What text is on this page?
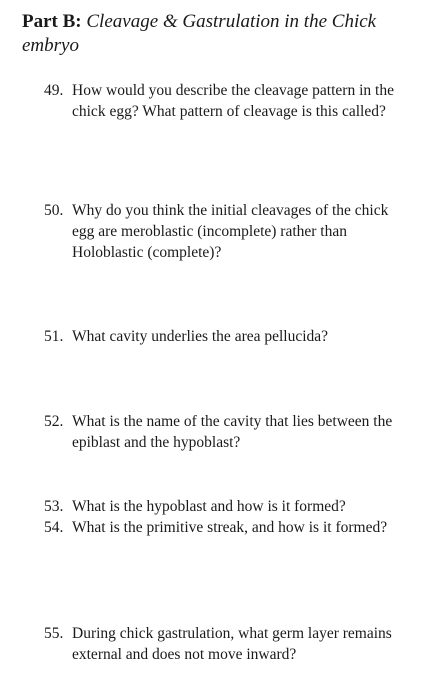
Part B: Cleavage & Gastrulation in the Chick embryo
49. How would you describe the cleavage pattern in the chick egg? What pattern of cleavage is this called?
50. Why do you think the initial cleavages of the chick egg are meroblastic (incomplete) rather than Holoblastic (complete)?
51. What cavity underlies the area pellucida?
52. What is the name of the cavity that lies between the epiblast and the hypoblast?
53. What is the hypoblast and how is it formed?
54. What is the primitive streak, and how is it formed?
55. During chick gastrulation, what germ layer remains external and does not move inward?
